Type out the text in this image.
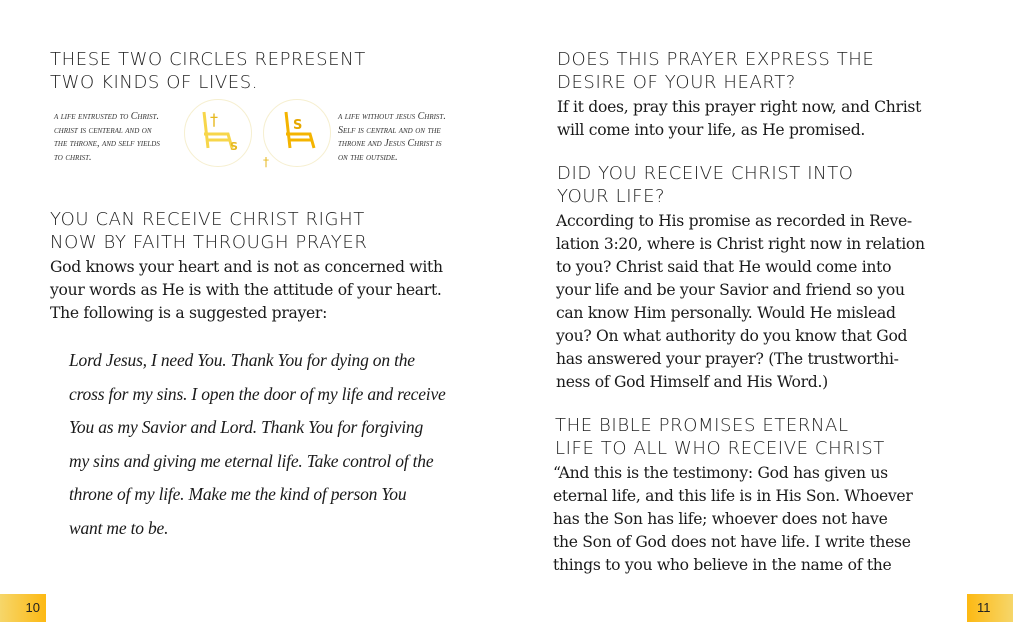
THESE TWO CIRCLES REPRESENT
TWO KINDS OF LIVES.
a life entrusted to Christ.
christ is centeral and on
the throne, and self yields
to christ.
a life without jesus Christ.
Self is central and on the
throne and Jesus Christ is
on the outside.
YOU CAN RECEIVE CHRIST RIGHT
NOW BY FAITH THROUGH PRAYER
God knows your heart and is not as concerned with
your words as He is with the attitude of your heart.
The following is a suggested prayer:
Lord Jesus, I need You. Thank You for dying on the
cross for my sins. I open the door of my life and receive
You as my Savior and Lord. Thank You for forgiving
my sins and giving me eternal life. Take control of the
throne of my life. Make me the kind of person You
want me to be.
DOES THIS PRAYER EXPRESS THE
DESIRE OF YOUR HEART?
If it does, pray this prayer right now, and Christ
will come into your life, as He promised.
DID YOU RECEIVE CHRIST INTO
YOUR LIFE?
According to His promise as recorded in Reve-
lation 3:20, where is Christ right now in relation
to you? Christ said that He would come into
your life and be your Savior and friend so you
can know Him personally. Would He mislead
you? On what authority do you know that God
has answered your prayer? (The trustworthi-
ness of God Himself and His Word.)
THE BIBLE PROMISES ETERNAL
LIFE TO ALL WHO RECEIVE CHRIST
“And this is the testimony: God has given us
eternal life, and this life is in His Son. Whoever
has the Son has life; whoever does not have
the Son of God does not have life. I write these
things to you who believe in the name of the
†
S
S
†
10	11
